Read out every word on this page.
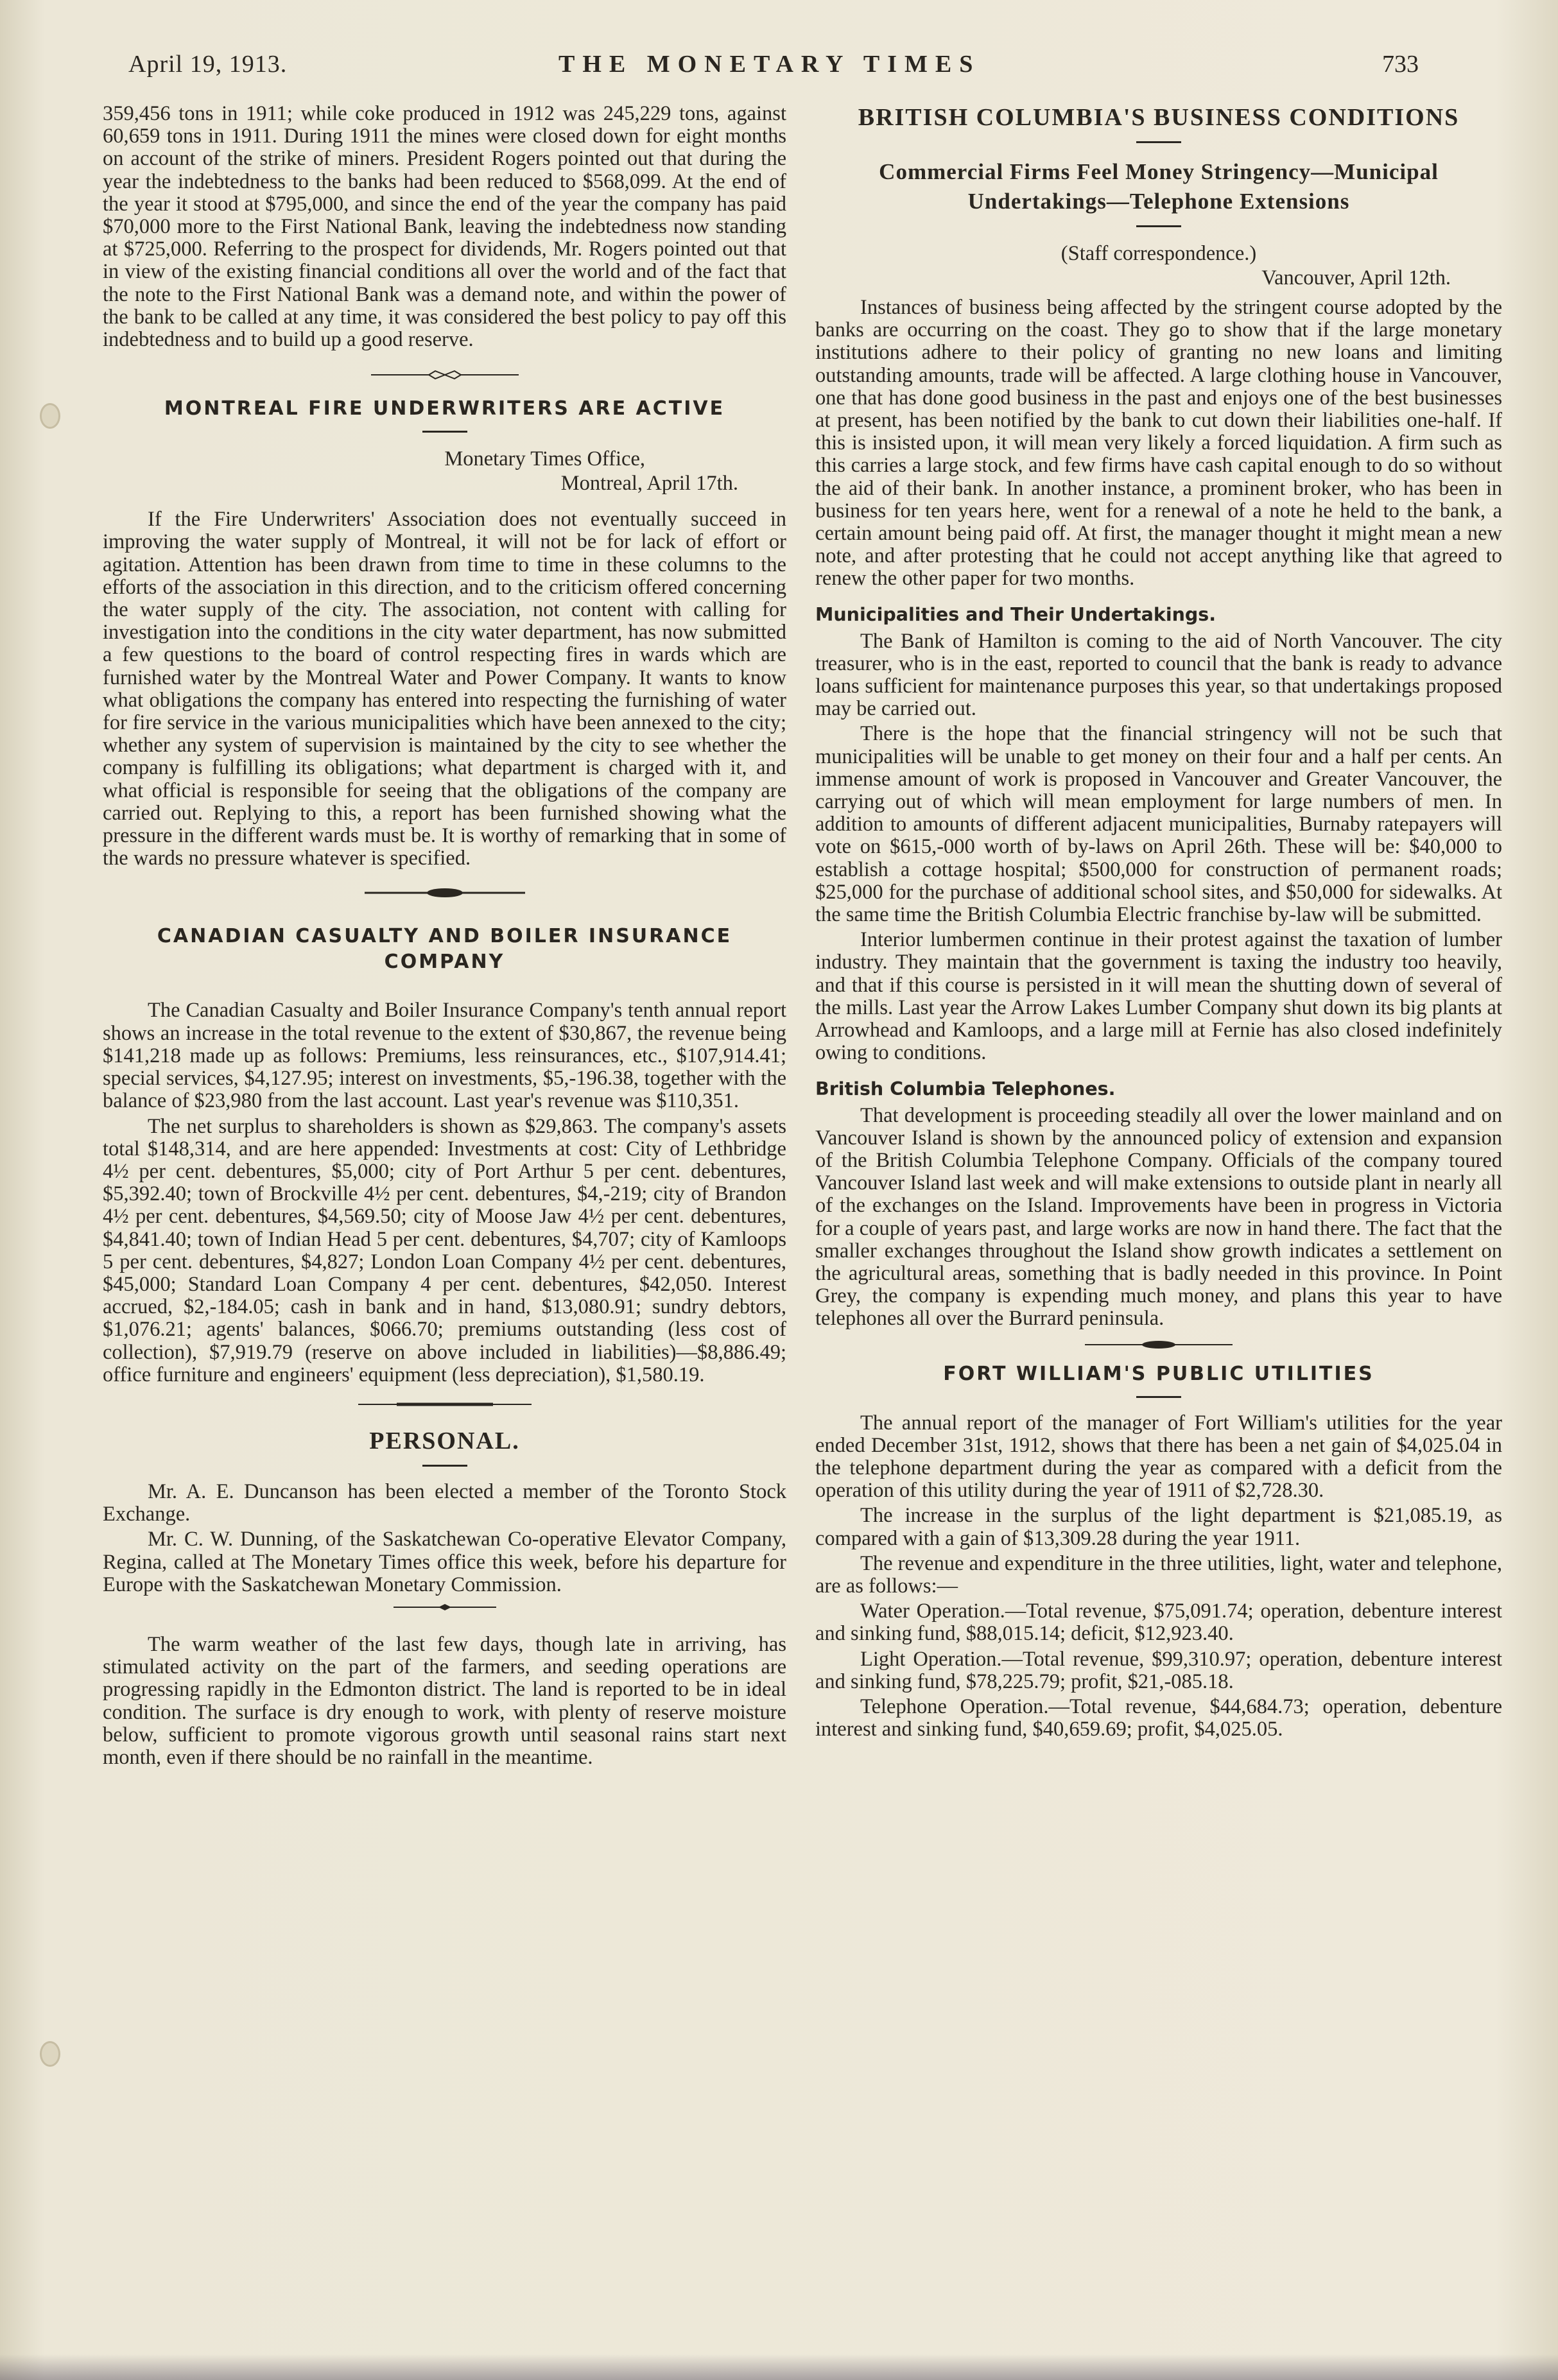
April 19, 1913.	THE MONETARY TIMES	733

359,456 tons in 1911; while coke produced in 1912 was 245,229 tons, against 60,659 tons in 1911. During 1911 the mines were closed down for eight months on account of the strike of miners. President Rogers pointed out that during the year the indebtedness to the banks had been reduced to $568,099. At the end of the year it stood at $795,000, and since the end of the year the company has paid $70,000 more to the First National Bank, leaving the indebtedness now standing at $725,000. Referring to the prospect for dividends, Mr. Rogers pointed out that in view of the existing financial conditions all over the world and of the fact that the note to the First National Bank was a demand note, and within the power of the bank to be called at any time, it was considered the best policy to pay off this indebtedness and to build up a good reserve.

MONTREAL FIRE UNDERWRITERS ARE ACTIVE

Monetary Times Office,

Montreal, April 17th.

If the Fire Underwriters' Association does not eventually succeed in improving the water supply of Montreal, it will not be for lack of effort or agitation. Attention has been drawn from time to time in these columns to the efforts of the association in this direction, and to the criticism offered concerning the water supply of the city. The association, not content with calling for investigation into the conditions in the city water department, has now submitted a few questions to the board of control respecting fires in wards which are furnished water by the Montreal Water and Power Company. It wants to know what obligations the company has entered into respecting the furnishing of water for fire service in the various municipalities which have been annexed to the city; whether any system of supervision is maintained by the city to see whether the company is fulfilling its obligations; what department is charged with it, and what official is responsible for seeing that the obligations of the company are carried out. Replying to this, a report has been furnished showing what the pressure in the different wards must be. It is worthy of remarking that in some of the wards no pressure whatever is specified.

CANADIAN CASUALTY AND BOILER INSURANCE
COMPANY

The Canadian Casualty and Boiler Insurance Company's tenth annual report shows an increase in the total revenue to the extent of $30,867, the revenue being $141,218 made up as follows: Premiums, less reinsurances, etc., $107,914.41; special services, $4,127.95; interest on investments, $5,-196.38, together with the balance of $23,980 from the last account. Last year's revenue was $110,351.

The net surplus to shareholders is shown as $29,863. The company's assets total $148,314, and are here appended: Investments at cost: City of Lethbridge 4½ per cent. debentures, $5,000; city of Port Arthur 5 per cent. debentures, $5,392.40; town of Brockville 4½ per cent. debentures, $4,-219; city of Brandon 4½ per cent. debentures, $4,569.50; city of Moose Jaw 4½ per cent. debentures, $4,841.40; town of Indian Head 5 per cent. debentures, $4,707; city of Kamloops 5 per cent. debentures, $4,827; London Loan Company 4½ per cent. debentures, $45,000; Standard Loan Company 4 per cent. debentures, $42,050. Interest accrued, $2,-184.05; cash in bank and in hand, $13,080.91; sundry debtors, $1,076.21; agents' balances, $066.70; premiums outstanding (less cost of collection), $7,919.79 (reserve on above included in liabilities)—$8,886.49; office furniture and engineers' equipment (less depreciation), $1,580.19.

PERSONAL.

Mr. A. E. Duncanson has been elected a member of the Toronto Stock Exchange.

Mr. C. W. Dunning, of the Saskatchewan Co-operative Elevator Company, Regina, called at The Monetary Times office this week, before his departure for Europe with the Saskatchewan Monetary Commission.

The warm weather of the last few days, though late in arriving, has stimulated activity on the part of the farmers, and seeding operations are progressing rapidly in the Edmonton district. The land is reported to be in ideal condition. The surface is dry enough to work, with plenty of reserve moisture below, sufficient to promote vigorous growth until seasonal rains start next month, even if there should be no rainfall in the meantime.

BRITISH COLUMBIA'S BUSINESS CONDITIONS
Commercial Firms Feel Money Stringency—Municipal
Undertakings—Telephone Extensions

(Staff correspondence.)

Vancouver, April 12th.

Instances of business being affected by the stringent course adopted by the banks are occurring on the coast. They go to show that if the large monetary institutions adhere to their policy of granting no new loans and limiting outstanding amounts, trade will be affected. A large clothing house in Vancouver, one that has done good business in the past and enjoys one of the best businesses at present, has been notified by the bank to cut down their liabilities one-half. If this is insisted upon, it will mean very likely a forced liquidation. A firm such as this carries a large stock, and few firms have cash capital enough to do so without the aid of their bank. In another instance, a prominent broker, who has been in business for ten years here, went for a renewal of a note he held to the bank, a certain amount being paid off. At first, the manager thought it might mean a new note, and after protesting that he could not accept anything like that agreed to renew the other paper for two months.

Municipalities and Their Undertakings.

The Bank of Hamilton is coming to the aid of North Vancouver. The city treasurer, who is in the east, reported to council that the bank is ready to advance loans sufficient for maintenance purposes this year, so that undertakings proposed may be carried out.

There is the hope that the financial stringency will not be such that municipalities will be unable to get money on their four and a half per cents. An immense amount of work is proposed in Vancouver and Greater Vancouver, the carrying out of which will mean employment for large numbers of men. In addition to amounts of different adjacent municipalities, Burnaby ratepayers will vote on $615,-000 worth of by-laws on April 26th. These will be: $40,000 to establish a cottage hospital; $500,000 for construction of permanent roads; $25,000 for the purchase of additional school sites, and $50,000 for sidewalks. At the same time the British Columbia Electric franchise by-law will be submitted.

Interior lumbermen continue in their protest against the taxation of lumber industry. They maintain that the government is taxing the industry too heavily, and that if this course is persisted in it will mean the shutting down of several of the mills. Last year the Arrow Lakes Lumber Company shut down its big plants at Arrowhead and Kamloops, and a large mill at Fernie has also closed indefinitely owing to conditions.

British Columbia Telephones.

That development is proceeding steadily all over the lower mainland and on Vancouver Island is shown by the announced policy of extension and expansion of the British Columbia Telephone Company. Officials of the company toured Vancouver Island last week and will make extensions to outside plant in nearly all of the exchanges on the Island. Improvements have been in progress in Victoria for a couple of years past, and large works are now in hand there. The fact that the smaller exchanges throughout the Island show growth indicates a settlement on the agricultural areas, something that is badly needed in this province. In Point Grey, the company is expending much money, and plans this year to have telephones all over the Burrard peninsula.

FORT WILLIAM'S PUBLIC UTILITIES

The annual report of the manager of Fort William's utilities for the year ended December 31st, 1912, shows that there has been a net gain of $4,025.04 in the telephone department during the year as compared with a deficit from the operation of this utility during the year of 1911 of $2,728.30.

The increase in the surplus of the light department is $21,085.19, as compared with a gain of $13,309.28 during the year 1911.

The revenue and expenditure in the three utilities, light, water and telephone, are as follows:—

Water Operation.—Total revenue, $75,091.74; operation, debenture interest and sinking fund, $88,015.14; deficit, $12,923.40.

Light Operation.—Total revenue, $99,310.97; operation, debenture interest and sinking fund, $78,225.79; profit, $21,-085.18.

Telephone Operation.—Total revenue, $44,684.73; operation, debenture interest and sinking fund, $40,659.69; profit, $4,025.05.
